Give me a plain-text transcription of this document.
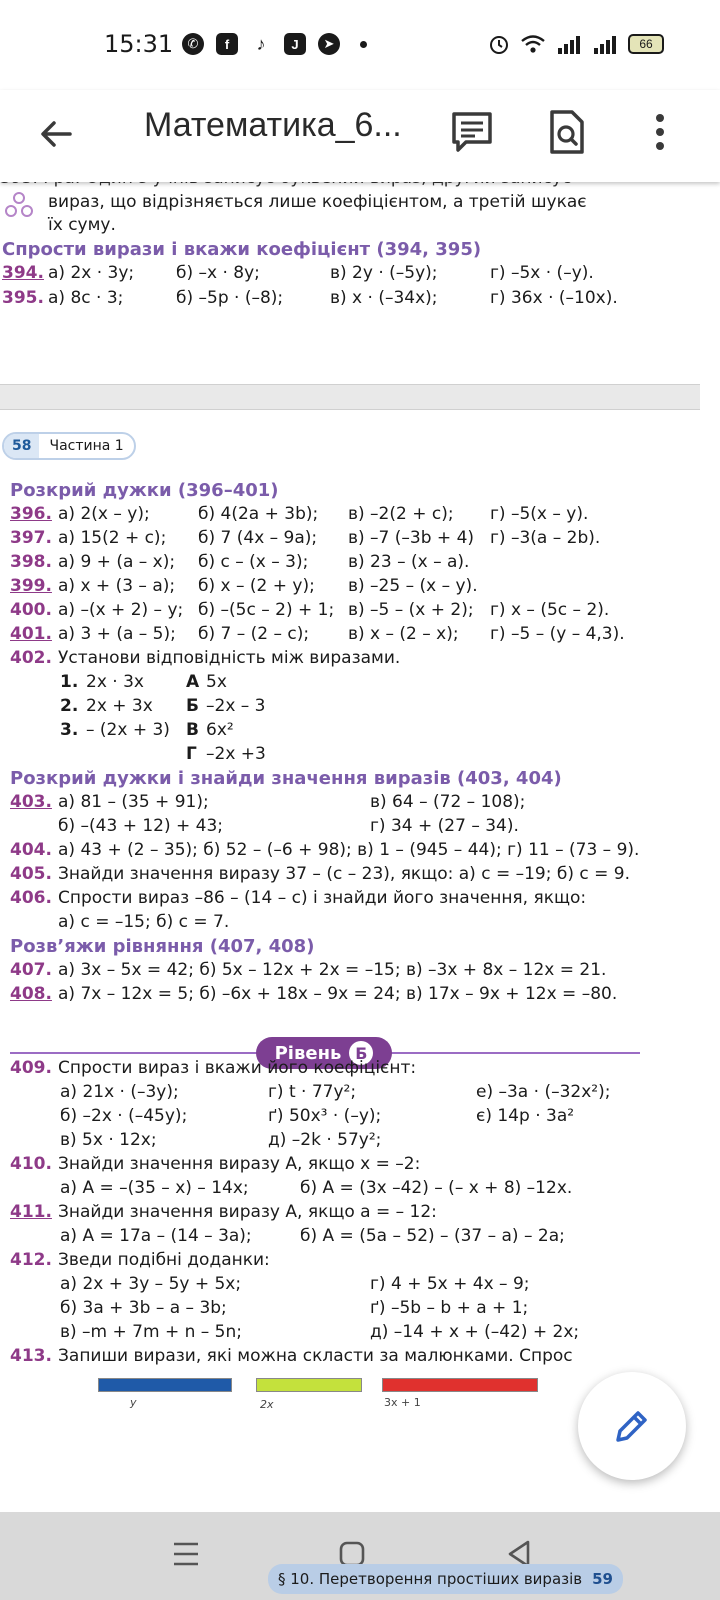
15:31	✆	f	♪	J	➤	66
Математика_6...
вираз, що відрізняється лише коефіцієнтом, а третій шукає
їх суму.
Спрости вирази і вкажи коефіцієнт (394, 395)
394. а) 2x · 3y; б) –x · 8y;	в) 2y · (–5y);	г) –5x · (–y).
395. а) 8c · 3;	б) –5p · (–8);	в) x · (–34x);	г) 36x · (–10x).
58	Частина 1
Розкрий дужки (396–401)
396. а) 2(x – y);	б) 4(2a + 3b); в) –2(2 + c); г) –5(x – y).
397. а) 15(2 + c); б) 7 (4x – 9a); в) –7 (–3b + 4) г) –3(a – 2b).
398. а) 9 + (a – x); б) c – (x – 3); в) 23 – (x – a).
399. а) x + (3 – a); б) x – (2 + y); в) –25 – (x – y).
400. а) –(x + 2) – y; б) –(5c – 2) + 1; в) –5 – (x + 2); г) x – (5c – 2).
401. а) 3 + (a – 5); б) 7 – (2 – c); в) x – (2 – x); г) –5 – (y – 4,3).
402. Установи відповідність між виразами.
1. 2x · 3x А 5x
2. 2x + 3x Б –2x – 3
3. – (2x + 3) В 6x²
Г –2x +3
Розкрий дужки і знайди значення виразів (403, 404)
403. а) 81 – (35 + 91);	в) 64 – (72 – 108);
б) –(43 + 12) + 43;	г) 34 + (27 – 34).
404. а) 43 + (2 – 35); б) 52 – (–6 + 98); в) 1 – (945 – 44); г) 11 – (73 – 9).
405. Знайди значення виразу 37 – (c – 23), якщо: а) c = –19; б) c = 9.
406. Спрости вираз –86 – (14 – c) і знайди його значення, якщо:
а) c = –15; б) c = 7.
Розв’яжи рівняння (407, 408)
407. а) 3x – 5x = 42; б) 5x – 12x + 2x = –15; в) –3x + 8x – 12x = 21.
408. а) 7x – 12x = 5; б) –6x + 18x – 9x = 24; в) 17x – 9x + 12x = –80.
Рівень Б
409. Спрости вираз і вкажи його коефіцієнт:
а) 21x · (–3y);	г) t · 77y²;	е) –3a · (–32x²);
б) –2x · (–45y);	ґ) 50x³ · (–y);	є) 14p · 3a²
в) 5x · 12x;	д) –2k · 57y²;
410. Знайди значення виразу A, якщо x = –2:
а) A = –(35 – x) – 14x;	б) A = (3x –42) – (– x + 8) –12x.
411. Знайди значення виразу A, якщо a = – 12:
а) A = 17a – (14 – 3a);	б) A = (5a – 52) – (37 – a) – 2a;
412. Зведи подібні доданки:
а) 2x + 3y – 5y + 5x;	г) 4 + 5x + 4x – 9;
б) 3a + 3b – a – 3b;	ґ) –5b – b + a + 1;
в) –m + 7m + n – 5n;	д) –14 + x + (–42) + 2x;
413. Запиши вирази, які можна скласти за малюнками. Спрос
y	2x	3x + 1
§ 10. Перетворення простіших виразів 59
